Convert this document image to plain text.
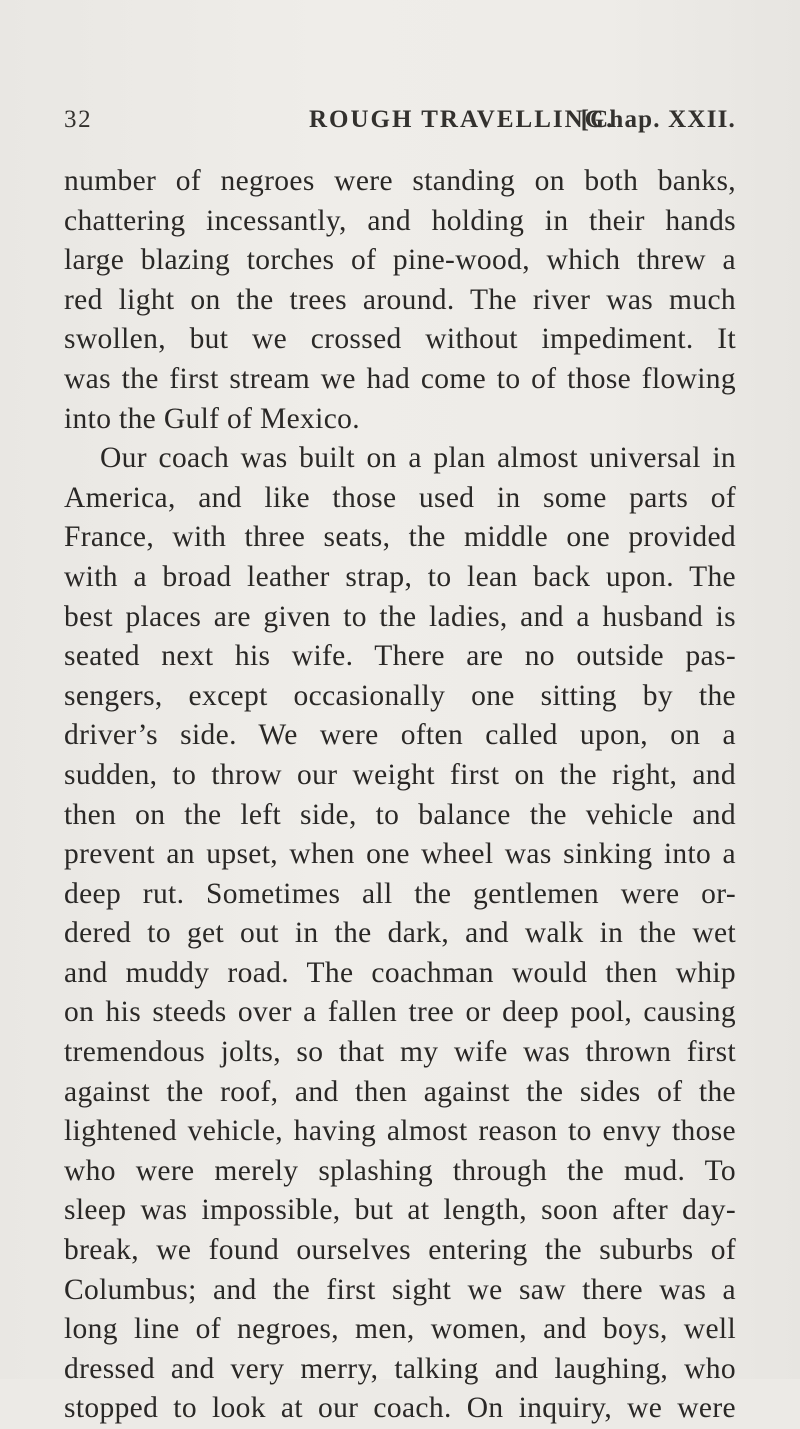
32	ROUGH TRAVELLING.
[Chap. XXII.
number of negroes were standing on both banks,
chattering incessantly, and holding in their hands
large blazing torches of pine-wood, which threw a
red light on the trees around. The river was much
swollen, but we crossed without impediment. It
was the first stream we had come to of those flowing
into the Gulf of Mexico.
Our coach was built on a plan almost universal in
America, and like those used in some parts of
France, with three seats, the middle one provided
with a broad leather strap, to lean back upon. The
best places are given to the ladies, and a husband is
seated next his wife. There are no outside pas-
sengers, except occasionally one sitting by the
driver’s side. We were often called upon, on a
sudden, to throw our weight first on the right, and
then on the left side, to balance the vehicle and
prevent an upset, when one wheel was sinking into a
deep rut. Sometimes all the gentlemen were or-
dered to get out in the dark, and walk in the wet
and muddy road. The coachman would then whip
on his steeds over a fallen tree or deep pool, causing
tremendous jolts, so that my wife was thrown first
against the roof, and then against the sides of the
lightened vehicle, having almost reason to envy those
who were merely splashing through the mud. To
sleep was impossible, but at length, soon after day-
break, we found ourselves entering the suburbs of
Columbus; and the first sight we saw there was a
long line of negroes, men, women, and boys, well
dressed and very merry, talking and laughing, who
stopped to look at our coach. On inquiry, we were
